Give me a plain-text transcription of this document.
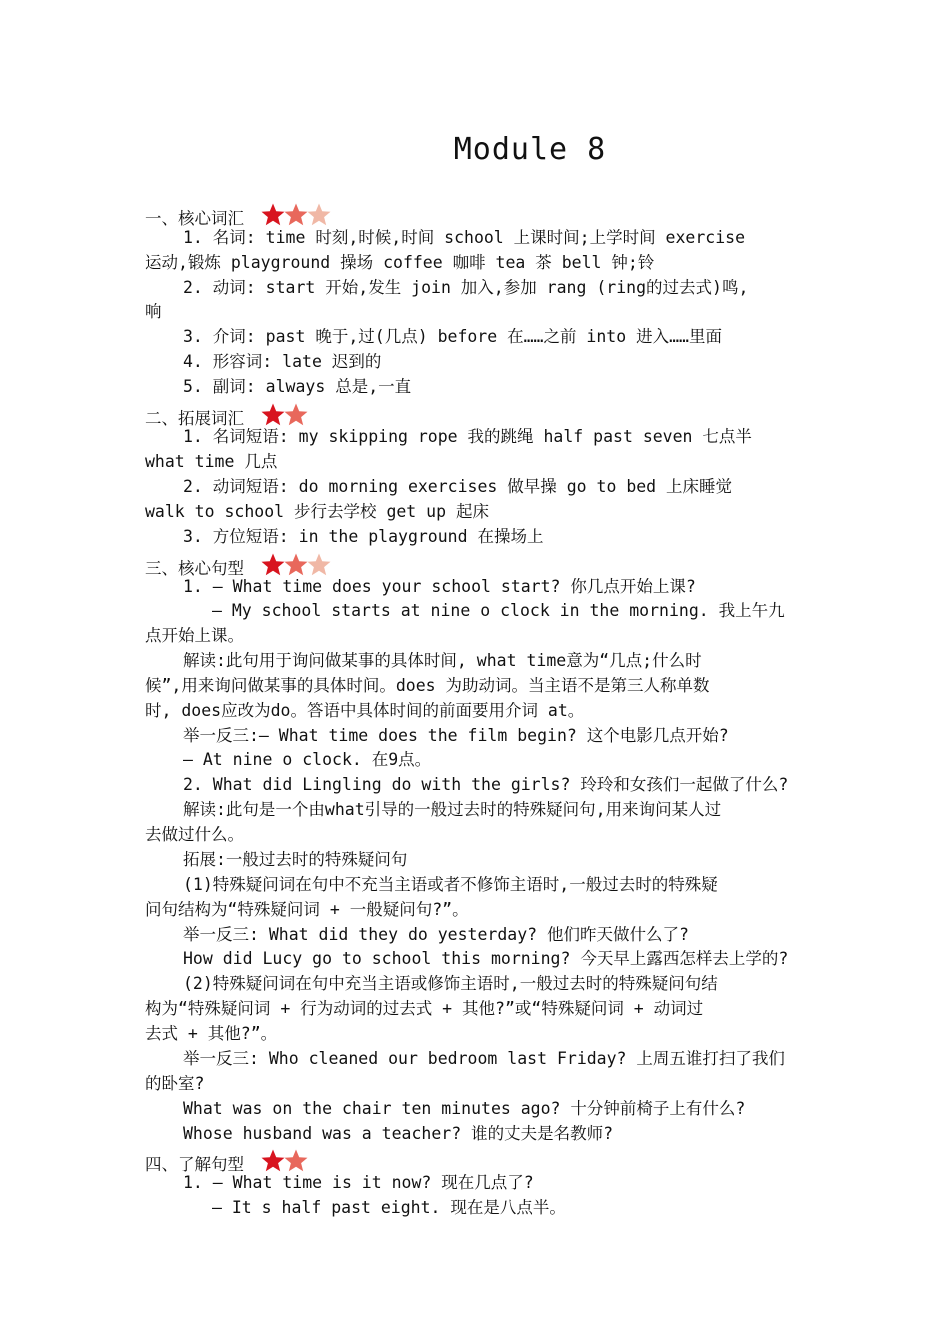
Module 8
一、核心词汇
1. 名词: time 时刻,时候,时间 school 上课时间;上学时间 exercise
运动,锻炼 playground 操场 coffee 咖啡 tea 茶 bell 钟;铃
2. 动词: start 开始,发生 join 加入,参加 rang (ring的过去式)鸣,
响
3. 介词: past 晚于,过(几点) before 在……之前 into 进入……里面
4. 形容词: late 迟到的
5. 副词: always 总是,一直
二、拓展词汇
1. 名词短语: my skipping rope 我的跳绳 half past seven 七点半
what time 几点
2. 动词短语: do morning exercises 做早操 go to bed 上床睡觉
walk to school 步行去学校 get up 起床
3. 方位短语: in the playground 在操场上
三、核心句型
1. — What time does your school start? 你几点开始上课?
— My school starts at nine o clock in the morning. 我上午九
点开始上课。
解读:此句用于询问做某事的具体时间, what time意为“几点;什么时
候”,用来询问做某事的具体时间。does 为助动词。当主语不是第三人称单数
时, does应改为do。答语中具体时间的前面要用介词 at。
举一反三:— What time does the film begin? 这个电影几点开始?
— At nine o clock. 在9点。
2. What did Lingling do with the girls? 玲玲和女孩们一起做了什么?
解读:此句是一个由what引导的一般过去时的特殊疑问句,用来询问某人过
去做过什么。
拓展:一般过去时的特殊疑问句
(1)特殊疑问词在句中不充当主语或者不修饰主语时,一般过去时的特殊疑
问句结构为“特殊疑问词 + 一般疑问句?”。
举一反三: What did they do yesterday? 他们昨天做什么了?
How did Lucy go to school this morning? 今天早上露西怎样去上学的?
(2)特殊疑问词在句中充当主语或修饰主语时,一般过去时的特殊疑问句结
构为“特殊疑问词 + 行为动词的过去式 + 其他?”或“特殊疑问词 + 动词过
去式 + 其他?”。
举一反三: Who cleaned our bedroom last Friday? 上周五谁打扫了我们
的卧室?
What was on the chair ten minutes ago? 十分钟前椅子上有什么?
Whose husband was a teacher? 谁的丈夫是名教师?
四、了解句型
1. — What time is it now? 现在几点了?
— It s half past eight. 现在是八点半。
